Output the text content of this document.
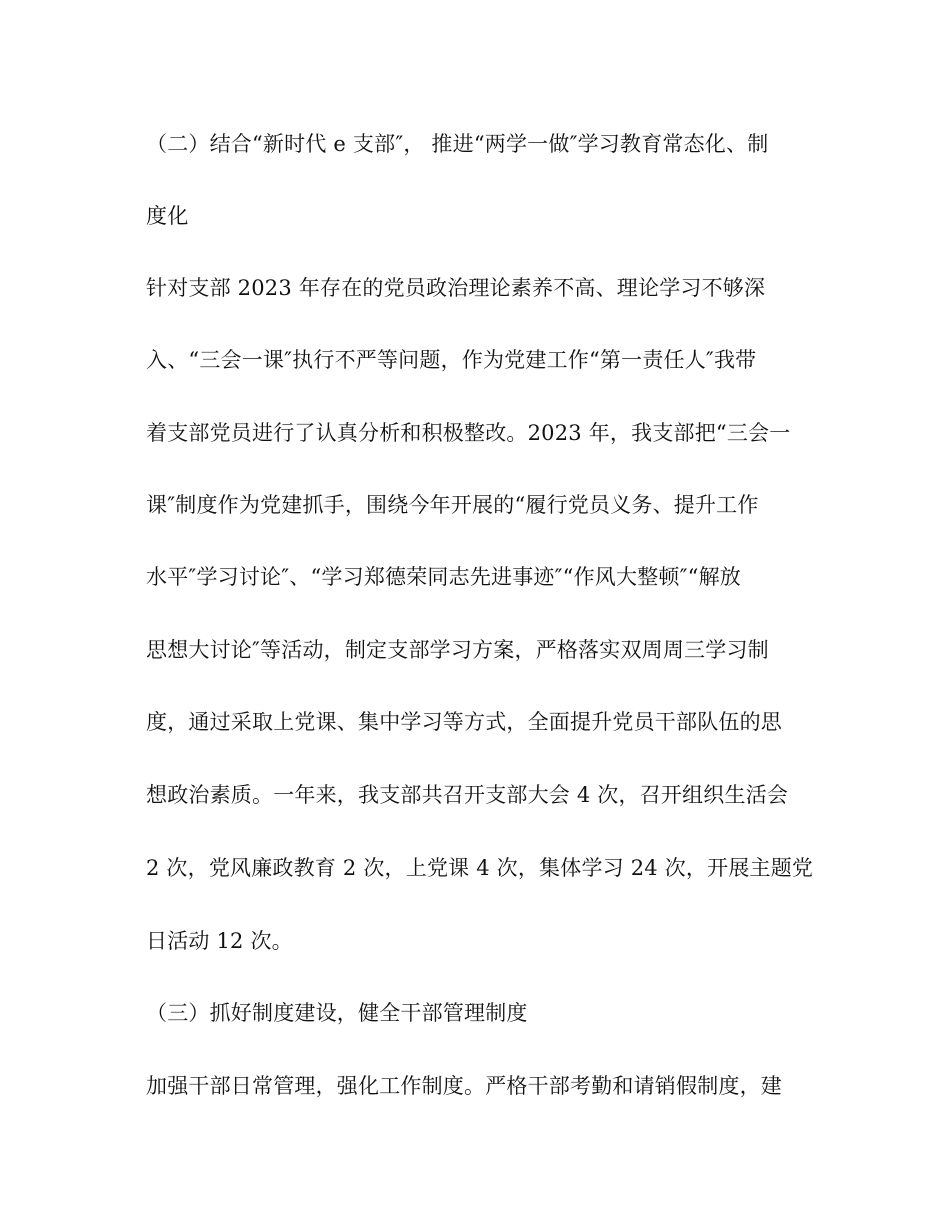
（二）结合“新时代 e 支部″， 推进“两学一做″学习教育常态化、制
度化
针对支部 2023 年存在的党员政治理论素养不高、理论学习不够深
入、“三会一课″执行不严等问题，作为党建工作“第一责任人″我带
着支部党员进行了认真分析和积极整改。2023 年，我支部把“三会一
课″制度作为党建抓手，围绕今年开展的“履行党员义务、提升工作
水平″学习讨论″、“学习郑德荣同志先进事迹″“作风大整顿″“解放
思想大讨论″等活动，制定支部学习方案，严格落实双周周三学习制
度，通过采取上党课、集中学习等方式，全面提升党员干部队伍的思
想政治素质。一年来，我支部共召开支部大会 4 次，召开组织生活会
2 次，党风廉政教育 2 次，上党课 4 次，集体学习 24 次，开展主题党
日活动 12 次。
（三）抓好制度建设，健全干部管理制度
加强干部日常管理，强化工作制度。严格干部考勤和请销假制度，建
